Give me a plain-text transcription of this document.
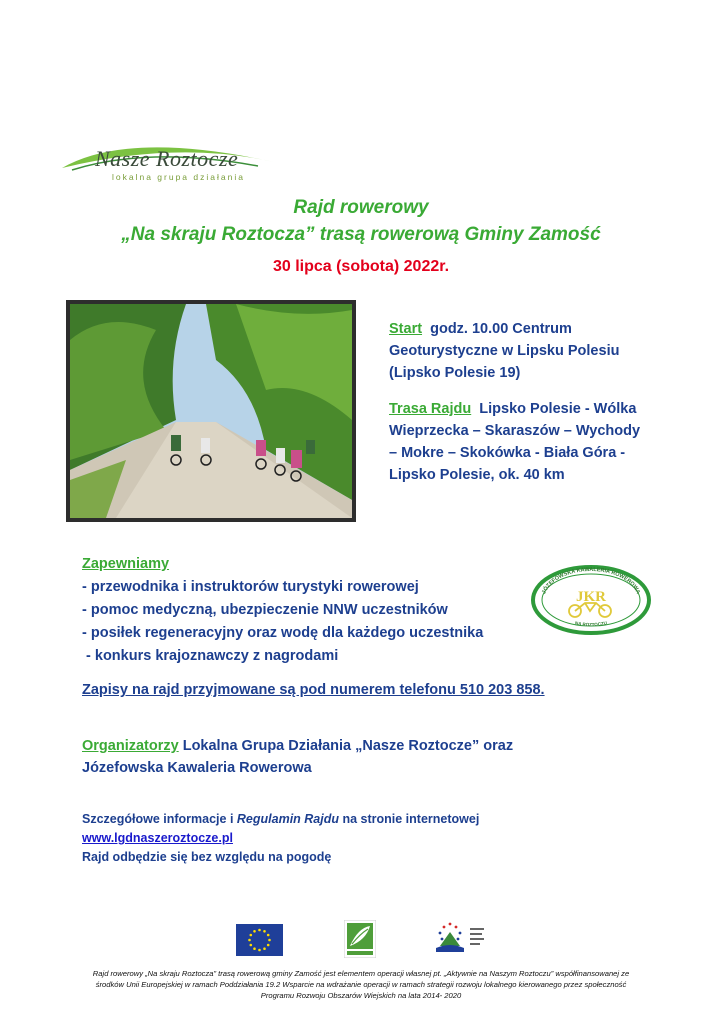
Nasze Roztocze
lokalna grupa działania
Rajd rowerowy
„Na skraju Roztocza” trasą rowerową Gminy Zamość
30 lipca (sobota) 2022r.
Start godz. 10.00 Centrum
Geoturystyczne w Lipsku Polesiu
(Lipsko Polesie 19)
Trasa Rajdu Lipsko Polesie - Wólka
Wieprzecka – Skaraszów – Wychody
– Mokre – Skokówka - Biała Góra -
Lipsko Polesie, ok. 40 km
Zapewniamy
- przewodnika i instruktorów turystyki rowerowej
- pomoc medyczną, ubezpieczenie NNW uczestników
- posiłek regeneracyjny oraz wodę dla każdego uczestnika
- konkurs krajoznawczy z nagrodami
JÓZEFOWSKA KAWALERIA ROWEROWA
JKR
NA ROZTOCZU
Zapisy na rajd przyjmowane są pod numerem telefonu 510 203 858.
Organizatorzy Lokalna Grupa Działania „Nasze Roztocze” oraz
Józefowska Kawaleria Rowerowa
Szczegółowe informacje i Regulamin Rajdu na stronie internetowej
www.lgdnaszeroztocze.pl
Rajd odbędzie się bez względu na pogodę
Rajd rowerowy „Na skraju Roztocza” trasą rowerową gminy Zamość jest elementem operacji własnej pt. „Aktywnie na Naszym Roztoczu” współfinansowanej ze
środków Unii Europejskiej w ramach Poddziałania 19.2 Wsparcie na wdrażanie operacji w ramach strategii rozwoju lokalnego kierowanego przez społeczność
Programu Rozwoju Obszarów Wiejskich na lata 2014- 2020
